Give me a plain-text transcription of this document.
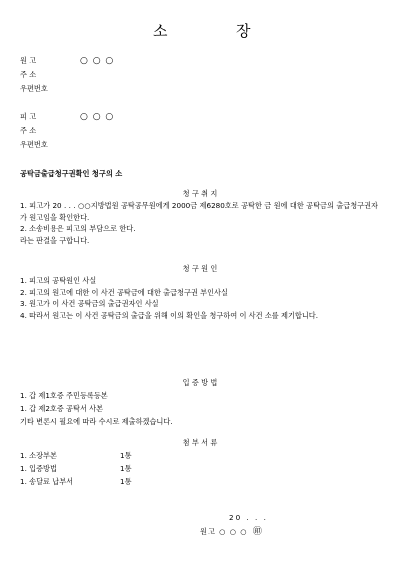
소	장
원 고	○ ○ ○
주 소
우편번호
피 고	○ ○ ○
주 소
우편번호
공탁금출급청구권확인 청구의 소
청 구 취 지

1. 피고가 20 . . . ○○지방법원 공탁공무원에게 2000금 제6280호로 공탁한 금 원에 대한 공탁금의 출급청구권자가 원고임을 확인한다.

2. 소송비용은 피고의 부담으로 한다.

라는 판결을 구합니다.

청 구 원 인

1. 피고의 공탁원인 사실

2. 피고의 원고에 대한 이 사건 공탁금에 대한 출급청구권 부인사실

3. 원고가 이 사건 공탁금의 출급권자인 사실

4. 따라서 원고는 이 사건 공탁금의 출급을 위해 이의 확인을 청구하여 이 사건 소를 제기합니다.

입 증 방 법

1. 갑 제1호증 주민등록등본

1. 갑 제2호증 공탁서 사본

기타 변론시 필요에 따라 수시로 제출하겠습니다.

첨 부 서 류
1. 소장부본	1통
1. 입증방법	1통
1. 송달료 납부서	1통
20 . . .
원고 ○ ○ ○ ㊞
